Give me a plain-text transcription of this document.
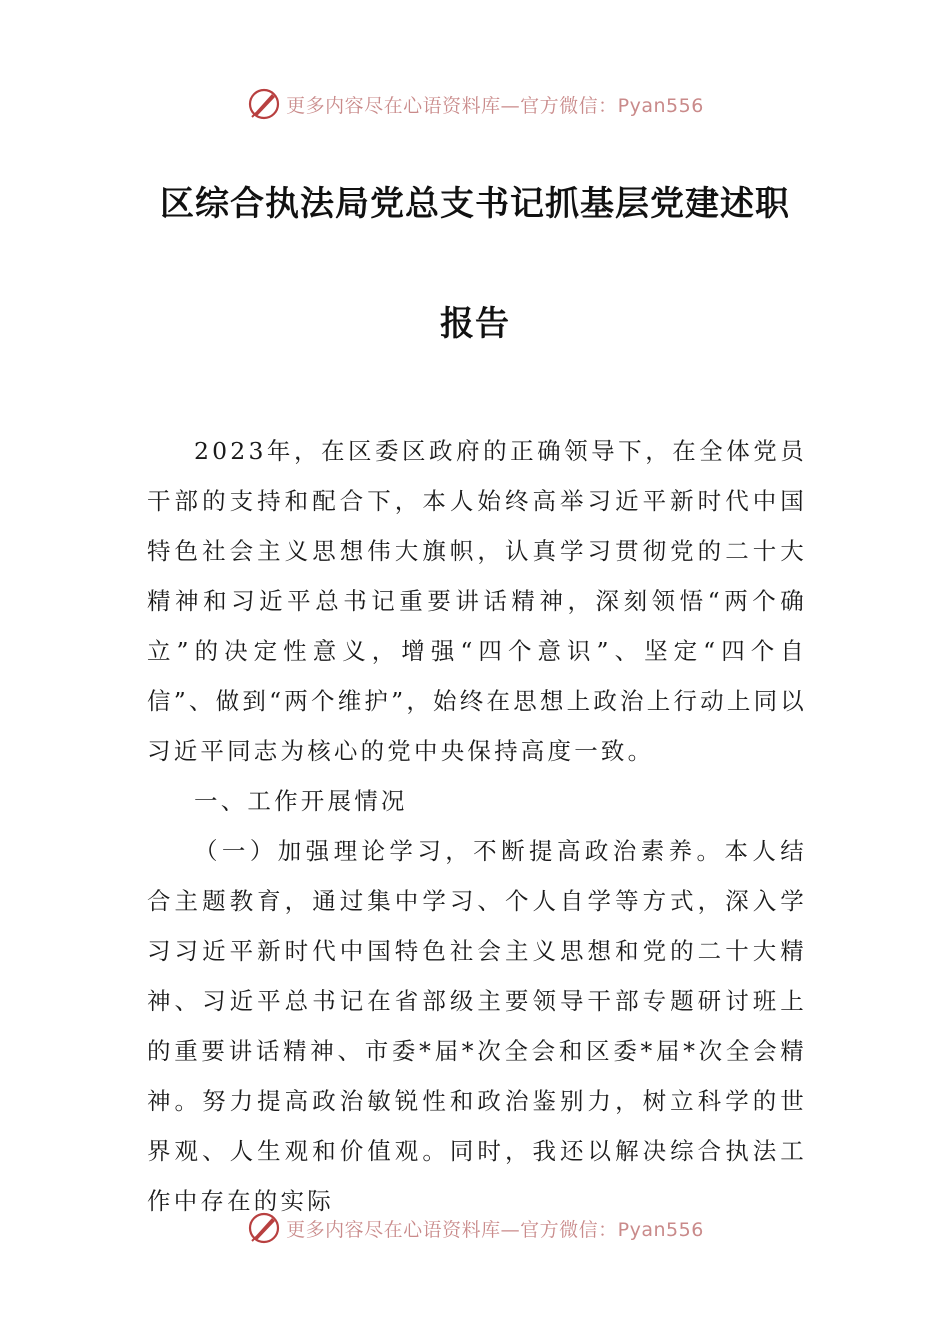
更多内容尽在心语资料库—官方微信：Pyan556
区综合执法局党总支书记抓基层党建述职
报告

2023年，在区委区政府的正确领导下，在全体党员干部的支持和配合下，本人始终高举习近平新时代中国特色社会主义思想伟大旗帜，认真学习贯彻党的二十大精神和习近平总书记重要讲话精神，深刻领悟“两个确立”的决定性意义，增强“四个意识”、坚定“四个自信”、做到“两个维护”，始终在思想上政治上行动上同以习近平同志为核心的党中央保持高度一致。

一、工作开展情况

（一）加强理论学习，不断提高政治素养。本人结合主题教育，通过集中学习、个人自学等方式，深入学习习近平新时代中国特色社会主义思想和党的二十大精神、习近平总书记在省部级主要领导干部专题研讨班上的重要讲话精神、市委*届*次全会和区委*届*次全会精神。努力提高政治敏锐性和政治鉴别力，树立科学的世界观、人生观和价值观。同时，我还以解决综合执法工作中存在的实际

更多内容尽在心语资料库—官方微信：Pyan556
